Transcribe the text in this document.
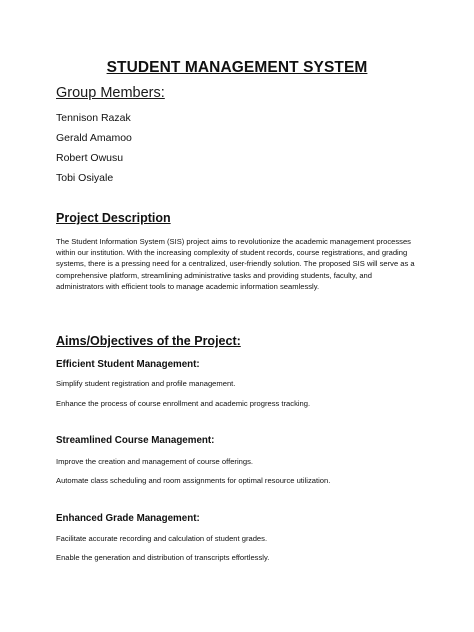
STUDENT MANAGEMENT SYSTEM
Group Members:
Tennison Razak
Gerald Amamoo
Robert Owusu
Tobi Osiyale
Project Description
The Student Information System (SIS) project aims to revolutionize the academic management processes within our institution. With the increasing complexity of student records, course registrations, and grading systems, there is a pressing need for a centralized, user-friendly solution. The proposed SIS will serve as a comprehensive platform, streamlining administrative tasks and providing students, faculty, and administrators with efficient tools to manage academic information seamlessly.
Aims/Objectives of the Project:
Efficient Student Management:
Simplify student registration and profile management.
Enhance the process of course enrollment and academic progress tracking.
Streamlined Course Management:
Improve the creation and management of course offerings.
Automate class scheduling and room assignments for optimal resource utilization.
Enhanced Grade Management:
Facilitate accurate recording and calculation of student grades.
Enable the generation and distribution of transcripts effortlessly.
